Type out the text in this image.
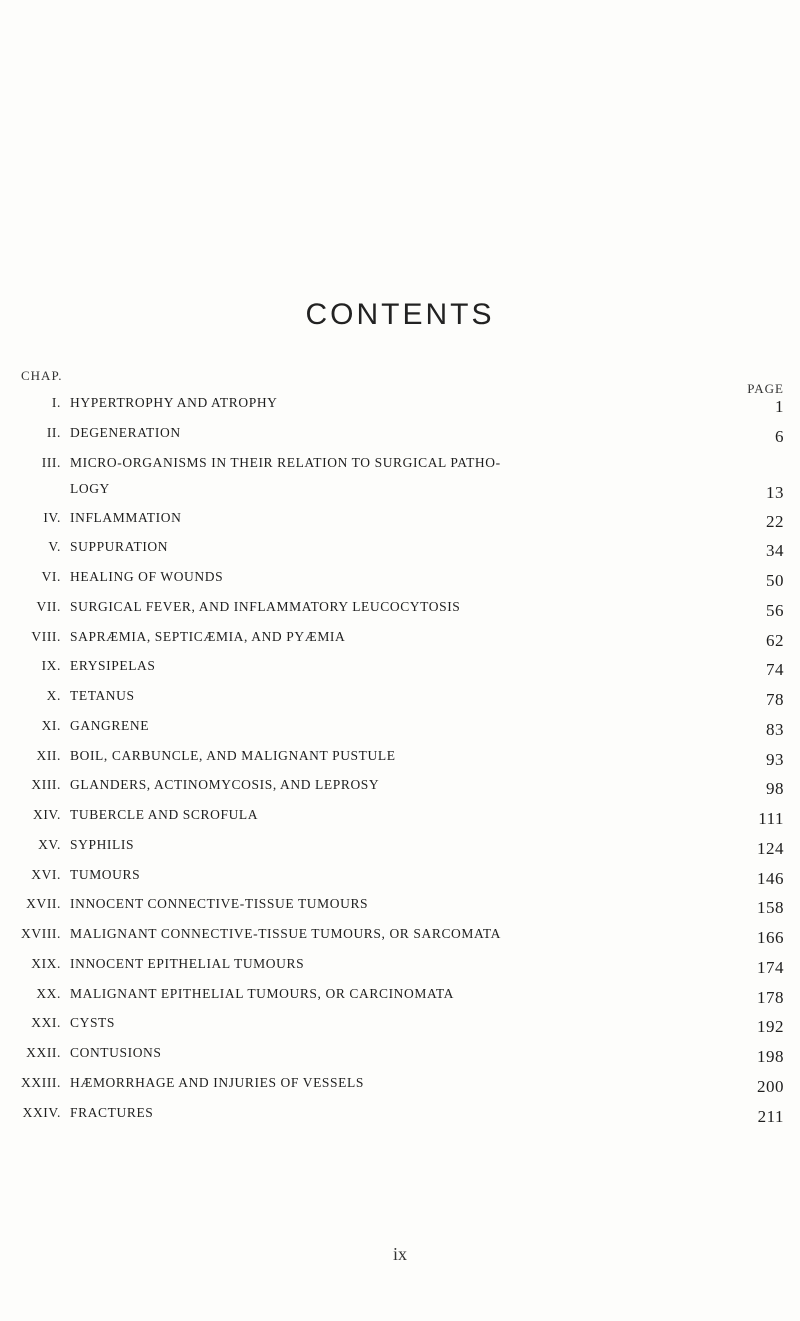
CONTENTS
CHAP.
PAGE
I. HYPERTROPHY AND ATROPHY	1
II. DEGENERATION	6
III. MICRO-ORGANISMS IN THEIR RELATION TO SURGICAL PATHO-
LOGY	13
IV. INFLAMMATION	22
V. SUPPURATION	34
VI. HEALING OF WOUNDS	50
VII. SURGICAL FEVER, AND INFLAMMATORY LEUCOCYTOSIS	56
VIII. SAPRÆMIA, SEPTICÆMIA, AND PYÆMIA	62
IX. ERYSIPELAS	74
X. TETANUS	78
XI. GANGRENE	83
XII. BOIL, CARBUNCLE, AND MALIGNANT PUSTULE	93
XIII. GLANDERS, ACTINOMYCOSIS, AND LEPROSY	98
XIV. TUBERCLE AND SCROFULA	111
XV. SYPHILIS	124
XVI. TUMOURS	146
XVII. INNOCENT CONNECTIVE-TISSUE TUMOURS	158
XVIII. MALIGNANT CONNECTIVE-TISSUE TUMOURS, OR SARCOMATA	166
XIX. INNOCENT EPITHELIAL TUMOURS	174
XX. MALIGNANT EPITHELIAL TUMOURS, OR CARCINOMATA	178
XXI. CYSTS	192
XXII. CONTUSIONS	198
XXIII. HÆMORRHAGE AND INJURIES OF VESSELS	200
XXIV. FRACTURES	211
ix
